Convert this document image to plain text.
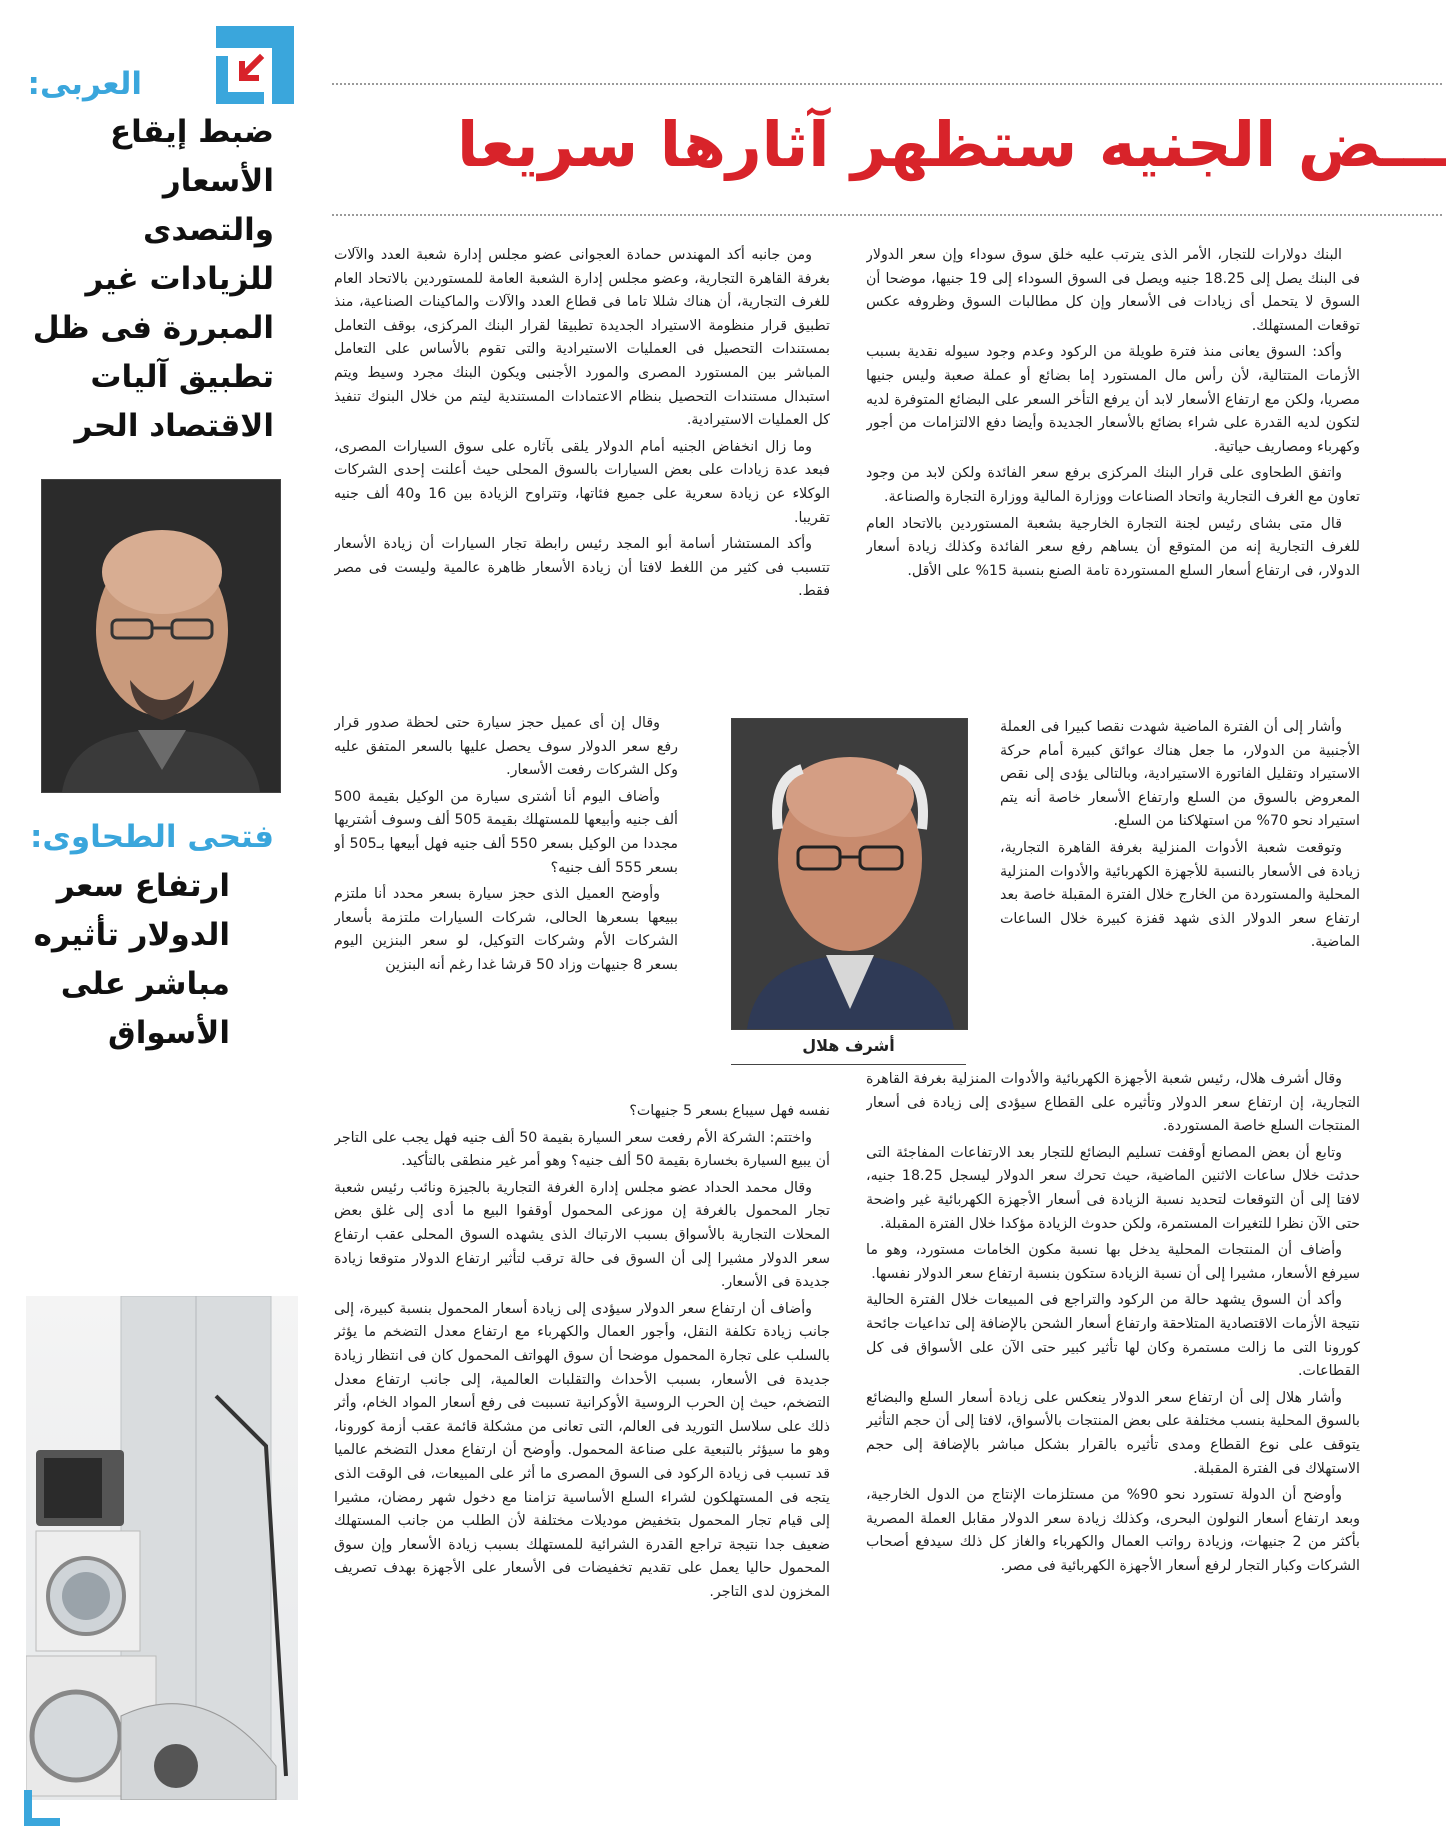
ـــض الجنيه ستظهر آثارها سريعا
العربى:
ضبط إيقاع
الأسعار والتصدى
للزيادات غير
المبررة فى ظل
تطبيق آليات
الاقتصاد الحر
فتحى الطحاوى:
ارتفاع سعر
الدولار تأثيره
مباشر على
الأسواق

البنك دولارات للتجار، الأمر الذى يترتب عليه خلق سوق سوداء وإن سعر الدولار فى البنك يصل إلى 18.25 جنيه ويصل فى السوق السوداء إلى 19 جنيها، موضحا أن السوق لا يتحمل أى زيادات فى الأسعار وإن كل مطالبات السوق وظروفه عكس توقعات المستهلك.

وأكد: السوق يعانى منذ فترة طويلة من الركود وعدم وجود سيوله نقدية بسبب الأزمات المتتالية، لأن رأس مال المستورد إما بضائع أو عملة صعبة وليس جنيها مصريا، ولكن مع ارتفاع الأسعار لابد أن يرفع التأخر السعر على البضائع المتوفرة لديه لتكون لديه القدرة على شراء بضائع بالأسعار الجديدة وأيضا دفع الالتزامات من أجور وكهرباء ومصاريف حياتية.

واتفق الطحاوى على قرار البنك المركزى برفع سعر الفائدة ولكن لابد من وجود تعاون مع الغرف التجارية واتحاد الصناعات ووزارة المالية ووزارة التجارة والصناعة.

قال متى بشاى رئيس لجنة التجارة الخارجية بشعبة المستوردين بالاتحاد العام للغرف التجارية إنه من المتوقع أن يساهم رفع سعر الفائدة وكذلك زيادة أسعار الدولار، فى ارتفاع أسعار السلع المستوردة تامة الصنع بنسبة 15% على الأقل.

وأشار إلى أن الفترة الماضية شهدت نقصا كبيرا فى العملة الأجنبية من الدولار، ما جعل هناك عوائق كبيرة أمام حركة الاستيراد وتقليل الفاتورة الاستيرادية، وبالتالى يؤدى إلى نقص المعروض بالسوق من السلع وارتفاع الأسعار خاصة أنه يتم استيراد نحو 70% من استهلاكنا من السلع.

وتوقعت شعبة الأدوات المنزلية بغرفة القاهرة التجارية، زيادة فى الأسعار بالنسبة للأجهزة الكهربائية والأدوات المنزلية المحلية والمستوردة من الخارج خلال الفترة المقبلة خاصة بعد ارتفاع سعر الدولار الذى شهد قفزة كبيرة خلال الساعات الماضية.

أشرف هلال

وقال أشرف هلال، رئيس شعبة الأجهزة الكهربائية والأدوات المنزلية بغرفة القاهرة التجارية، إن ارتفاع سعر الدولار وتأثيره على القطاع سيؤدى إلى زيادة فى أسعار المنتجات السلع خاصة المستوردة.

وتابع أن بعض المصانع أوقفت تسليم البضائع للتجار بعد الارتفاعات المفاجئة التى حدثت خلال ساعات الاثنين الماضية، حيث تحرك سعر الدولار ليسجل 18.25 جنيه، لافتا إلى أن التوقعات لتحديد نسبة الزيادة فى أسعار الأجهزة الكهربائية غير واضحة حتى الآن نظرا للتغيرات المستمرة، ولكن حدوث الزيادة مؤكدا خلال الفترة المقبلة.

وأضاف أن المنتجات المحلية يدخل بها نسبة مكون الخامات مستورد، وهو ما سيرفع الأسعار، مشيرا إلى أن نسبة الزيادة ستكون بنسبة ارتفاع سعر الدولار نفسها.

وأكد أن السوق يشهد حالة من الركود والتراجع فى المبيعات خلال الفترة الحالية نتيجة الأزمات الاقتصادية المتلاحقة وارتفاع أسعار الشحن بالإضافة إلى تداعيات جائحة كورونا التى ما زالت مستمرة وكان لها تأثير كبير حتى الآن على الأسواق فى كل القطاعات.

وأشار هلال إلى أن ارتفاع سعر الدولار ينعكس على زيادة أسعار السلع والبضائع بالسوق المحلية بنسب مختلفة على بعض المنتجات بالأسواق، لافتا إلى أن حجم التأثير يتوقف على نوع القطاع ومدى تأثيره بالقرار بشكل مباشر بالإضافة إلى حجم الاستهلاك فى الفترة المقبلة.

وأوضح أن الدولة تستورد نحو 90% من مستلزمات الإنتاج من الدول الخارجية، وبعد ارتفاع أسعار النولون البحرى، وكذلك زيادة سعر الدولار مقابل العملة المصرية بأكثر من 2 جنيهات، وزيادة رواتب العمال والكهرباء والغاز كل ذلك سيدفع أصحاب الشركات وكبار التجار لرفع أسعار الأجهزة الكهربائية فى مصر.

ومن جانبه أكد المهندس حمادة العجوانى عضو مجلس إدارة شعبة العدد والآلات بغرفة القاهرة التجارية، وعضو مجلس إدارة الشعبة العامة للمستوردين بالاتحاد العام للغرف التجارية، أن هناك شللا تاما فى قطاع العدد والآلات والماكينات الصناعية، منذ تطبيق قرار منظومة الاستيراد الجديدة تطبيقا لقرار البنك المركزى، بوقف التعامل بمستندات التحصيل فى العمليات الاستيرادية والتى تقوم بالأساس على التعامل المباشر بين المستورد المصرى والمورد الأجنبى ويكون البنك مجرد وسيط ويتم استبدال مستندات التحصيل بنظام الاعتمادات المستندية ليتم من خلال البنوك تنفيذ كل العمليات الاستيرادية.

وما زال انخفاض الجنيه أمام الدولار يلقى بآثاره على سوق السيارات المصرى، فبعد عدة زيادات على بعض السيارات بالسوق المحلى حيث أعلنت إحدى الشركات الوكلاء عن زيادة سعرية على جميع فئاتها، وتتراوح الزيادة بين 16 و40 ألف جنيه تقريبا.

وأكد المستشار أسامة أبو المجد رئيس رابطة تجار السيارات أن زيادة الأسعار تتسبب فى كثير من اللغط لافتا أن زيادة الأسعار ظاهرة عالمية وليست فى مصر فقط.

وقال إن أى عميل حجز سيارة حتى لحظة صدور قرار رفع سعر الدولار سوف يحصل عليها بالسعر المتفق عليه وكل الشركات رفعت الأسعار.

وأضاف اليوم أنا أشترى سيارة من الوكيل بقيمة 500 ألف جنيه وأبيعها للمستهلك بقيمة 505 ألف وسوف أشتريها مجددا من الوكيل بسعر 550 ألف جنيه فهل أبيعها بـ505 أو بسعر 555 ألف جنيه؟

وأوضح العميل الذى حجز سيارة بسعر محدد أنا ملتزم ببيعها بسعرها الحالى، شركات السيارات ملتزمة بأسعار الشركات الأم وشركات التوكيل، لو سعر البنزين اليوم بسعر 8 جنيهات وزاد 50 قرشا غدا رغم أنه البنزين

نفسه فهل سيباع بسعر 5 جنيهات؟

واختتم: الشركة الأم رفعت سعر السيارة بقيمة 50 ألف جنيه فهل يجب على التاجر أن يبيع السيارة بخسارة بقيمة 50 ألف جنيه؟ وهو أمر غير منطقى بالتأكيد.

وقال محمد الحداد عضو مجلس إدارة الغرفة التجارية بالجيزة ونائب رئيس شعبة تجار المحمول بالغرفة إن موزعى المحمول أوقفوا البيع ما أدى إلى غلق بعض المحلات التجارية بالأسواق بسبب الارتباك الذى يشهده السوق المحلى عقب ارتفاع سعر الدولار مشيرا إلى أن السوق فى حالة ترقب لتأثير ارتفاع الدولار متوقعا زيادة جديدة فى الأسعار.

وأضاف أن ارتفاع سعر الدولار سيؤدى إلى زيادة أسعار المحمول بنسبة كبيرة، إلى جانب زيادة تكلفة النقل، وأجور العمال والكهرباء مع ارتفاع معدل التضخم ما يؤثر بالسلب على تجارة المحمول موضحا أن سوق الهواتف المحمول كان فى انتظار زيادة جديدة فى الأسعار، بسبب الأحداث والتقلبات العالمية، إلى جانب ارتفاع معدل التضخم، حيث إن الحرب الروسية الأوكرانية تسببت فى رفع أسعار المواد الخام، وأثر ذلك على سلاسل التوريد فى العالم، التى تعانى من مشكلة قائمة عقب أزمة كورونا، وهو ما سيؤثر بالتبعية على صناعة المحمول. وأوضح أن ارتفاع معدل التضخم عالميا قد تسبب فى زيادة الركود فى السوق المصرى ما أثر على المبيعات، فى الوقت الذى يتجه فى المستهلكون لشراء السلع الأساسية تزامنا مع دخول شهر رمضان، مشيرا إلى قيام تجار المحمول بتخفيض موديلات مختلفة لأن الطلب من جانب المستهلك ضعيف جدا نتيجة تراجع القدرة الشرائية للمستهلك بسبب زيادة الأسعار وإن سوق المحمول حاليا يعمل على تقديم تخفيضات فى الأسعار على الأجهزة بهدف تصريف المخزون لدى التاجر.
